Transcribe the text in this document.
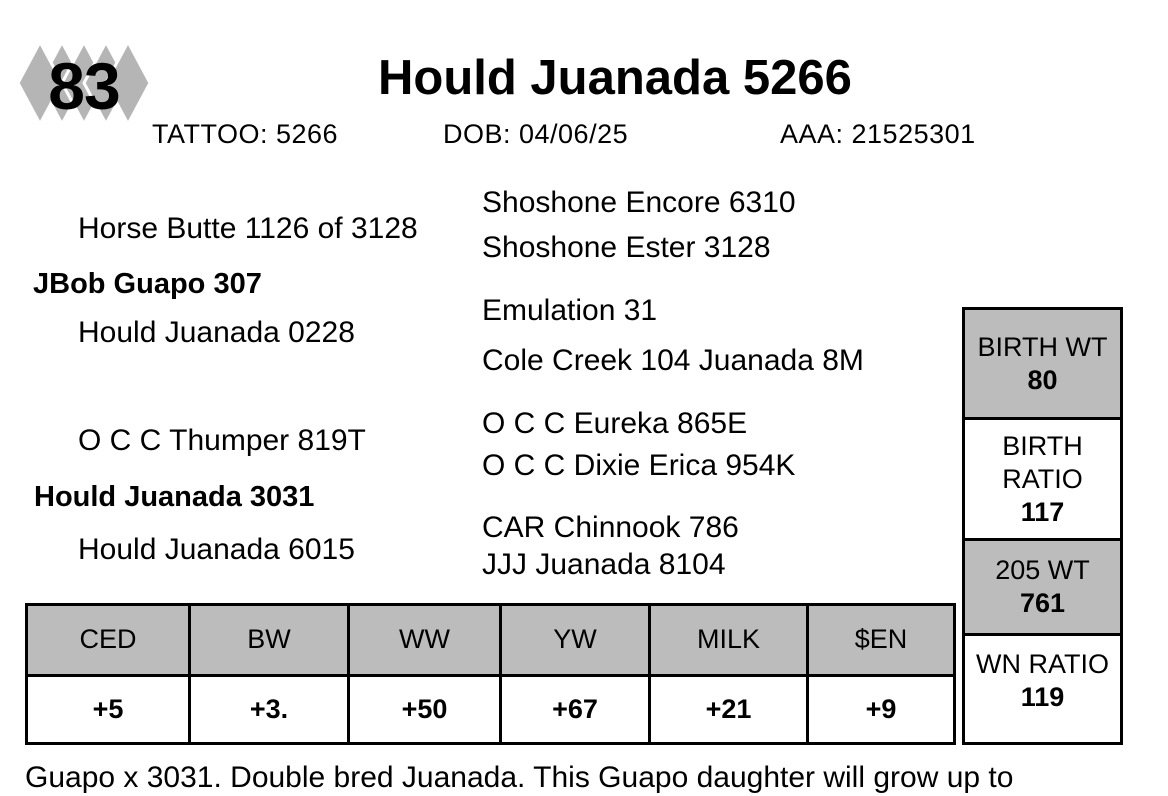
83	Hould Juanada 5266
TATTOO: 5266	DOB: 04/06/25	AAA: 21525301
Shoshone Encore 6310
Horse Butte 1126 of 3128
Shoshone Ester 3128
JBob Guapo 307
Emulation 31
Hould Juanada 0228
Cole Creek 104 Juanada 8M
O C C Eureka 865E
O C C Thumper 819T
O C C Dixie Erica 954K
Hould Juanada 3031
CAR Chinnook 786
Hould Juanada 6015	JJJ Juanada 8104
CED	BW	WW	YW	MILK	$EN
+5	+3.	+50	+67	+21	+9
BIRTH WT
80
BIRTH
RATIO
117
205 WT
761
WN RATIO
119
Guapo x 3031. Double bred Juanada. This Guapo daughter will grow up to
